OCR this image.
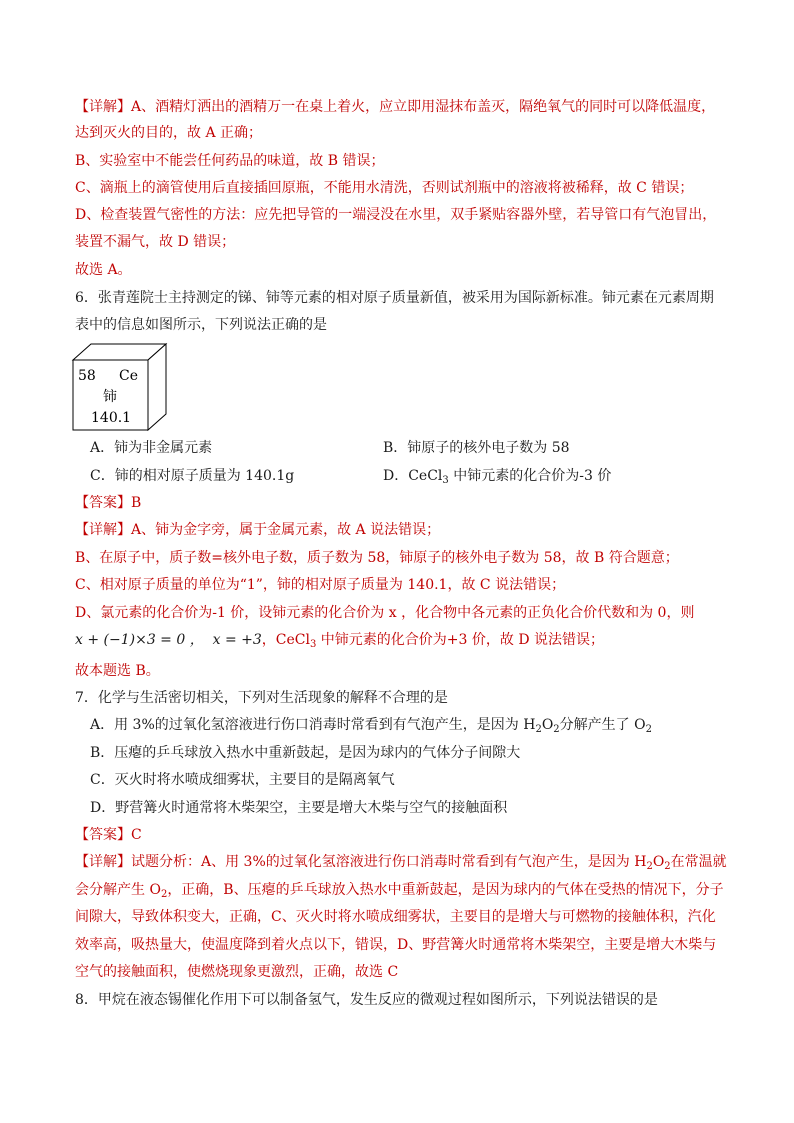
【详解】A、酒精灯洒出的酒精万一在桌上着火，应立即用湿抹布盖灭，隔绝氧气的同时可以降低温度，
达到灭火的目的，故 A 正确；
B、实验室中不能尝任何药品的味道，故 B 错误；
C、滴瓶上的滴管使用后直接插回原瓶，不能用水清洗，否则试剂瓶中的溶液将被稀释，故 C 错误；
D、检查装置气密性的方法：应先把导管的一端浸没在水里，双手紧贴容器外壁，若导管口有气泡冒出，
装置不漏气，故 D 错误；
故选 A。
6．张青莲院士主持测定的锑、铈等元素的相对原子质量新值，被采用为国际新标准。铈元素在元素周期
表中的信息如图所示，下列说法正确的是
58 Ce
铈
140.1
A．铈为非金属元素	B．铈原子的核外电子数为 58
C．铈的相对原子质量为 140.1g	D．CeCl$_3$ 中铈元素的化合价为-3 价
【答案】B
【详解】A、铈为金字旁，属于金属元素，故 A 说法错误；
B、在原子中，质子数=核外电子数，质子数为 58，铈原子的核外电子数为 58，故 B 符合题意；
C、相对原子质量的单位为“1”，铈的相对原子质量为 140.1，故 C 说法错误；
D、氯元素的化合价为-1 价，设铈元素的化合价为 x ，化合物中各元素的正负化合价代数和为 0，则
x + (−1)×3 = 0 ， x = +3，CeCl$_3$ 中铈元素的化合价为+3 价，故 D 说法错误；
故本题选 B。
7．化学与生活密切相关，下列对生活现象的解释不合理的是
A．用 3%的过氧化氢溶液进行伤口消毒时常看到有气泡产生，是因为 $H_2O_2$分解产生了 $O_2$
B．压瘪的乒乓球放入热水中重新鼓起，是因为球内的气体分子间隙大
C．灭火时将水喷成细雾状，主要目的是隔离氧气
D．野营篝火时通常将木柴架空，主要是增大木柴与空气的接触面积
【答案】C
【详解】试题分析：A、用 3%的过氧化氢溶液进行伤口消毒时常看到有气泡产生，是因为 $H_2O_2$在常温就
会分解产生 $O_2$，正确，B、压瘪的乒乓球放入热水中重新鼓起，是因为球内的气体在受热的情况下，分子
间隙大，导致体积变大，正确，C、灭火时将水喷成细雾状，主要目的是增大与可燃物的接触体积，汽化
效率高，吸热量大，使温度降到着火点以下，错误，D、野营篝火时通常将木柴架空，主要是增大木柴与
空气的接触面积，使燃烧现象更激烈，正确，故选 C
8．甲烷在液态锡催化作用下可以制备氢气，发生反应的微观过程如图所示，下列说法错误的是
